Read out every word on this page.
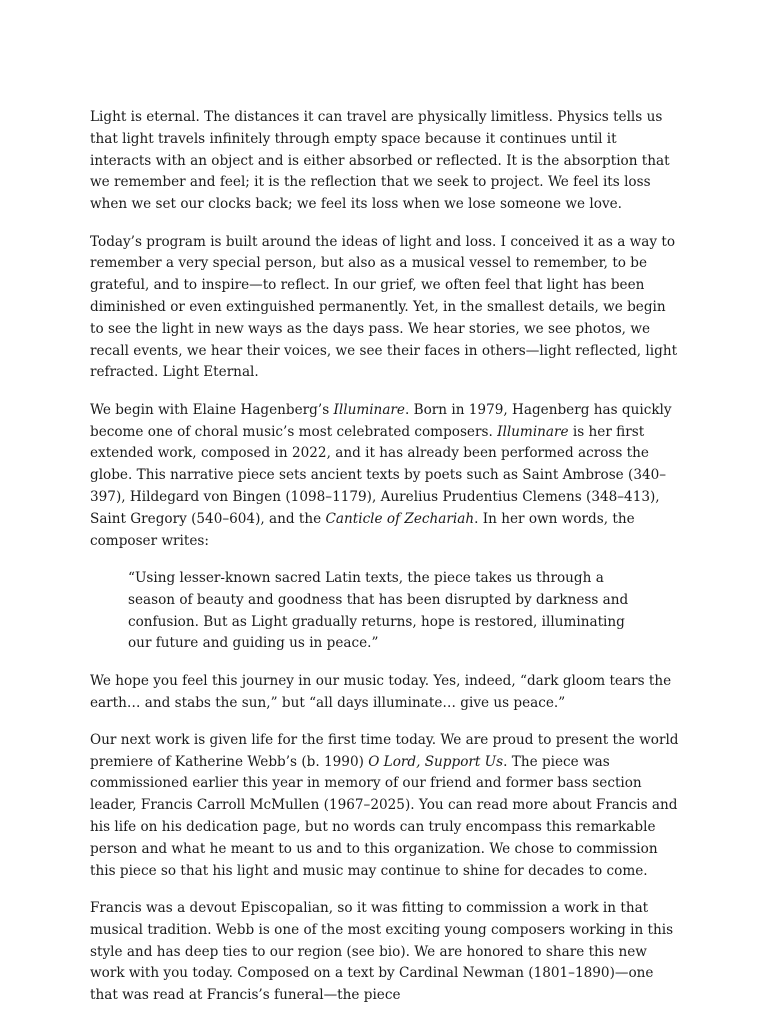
Light is eternal. The distances it can travel are physically limitless. Physics tells us that light travels infinitely through empty space because it continues until it interacts with an object and is either absorbed or reflected. It is the absorption that we remember and feel; it is the reflection that we seek to project. We feel its loss when we set our clocks back; we feel its loss when we lose someone we love.

Today’s program is built around the ideas of light and loss. I conceived it as a way to remember a very special person, but also as a musical vessel to remember, to be grateful, and to inspire—to reflect. In our grief, we often feel that light has been diminished or even extinguished permanently. Yet, in the smallest details, we begin to see the light in new ways as the days pass. We hear stories, we see photos, we recall events, we hear their voices, we see their faces in others—light reflected, light refracted. Light Eternal.

We begin with Elaine Hagenberg’s Illuminare. Born in 1979, Hagenberg has quickly become one of choral music’s most celebrated composers. Illuminare is her first extended work, composed in 2022, and it has already been performed across the globe. This narrative piece sets ancient texts by poets such as Saint Ambrose (340–397), Hildegard von Bingen (1098–1179), Aurelius Prudentius Clemens (348–413), Saint Gregory (540–604), and the Canticle of Zechariah. In her own words, the composer writes:

“Using lesser-known sacred Latin texts, the piece takes us through a season of beauty and goodness that has been disrupted by darkness and confusion. But as Light gradually returns, hope is restored, illuminating our future and guiding us in peace.”

We hope you feel this journey in our music today. Yes, indeed, “dark gloom tears the earth… and stabs the sun,” but “all days illuminate… give us peace.”

Our next work is given life for the first time today. We are proud to present the world premiere of Katherine Webb’s (b. 1990) O Lord, Support Us. The piece was commissioned earlier this year in memory of our friend and former bass section leader, Francis Carroll McMullen (1967–2025). You can read more about Francis and his life on his dedication page, but no words can truly encompass this remarkable person and what he meant to us and to this organization. We chose to commission this piece so that his light and music may continue to shine for decades to come.

Francis was a devout Episcopalian, so it was fitting to commission a work in that musical tradition. Webb is one of the most exciting young composers working in this style and has deep ties to our region (see bio). We are honored to share this new work with you today. Composed on a text by Cardinal Newman (1801–1890)—one that was read at Francis’s funeral—the piece
